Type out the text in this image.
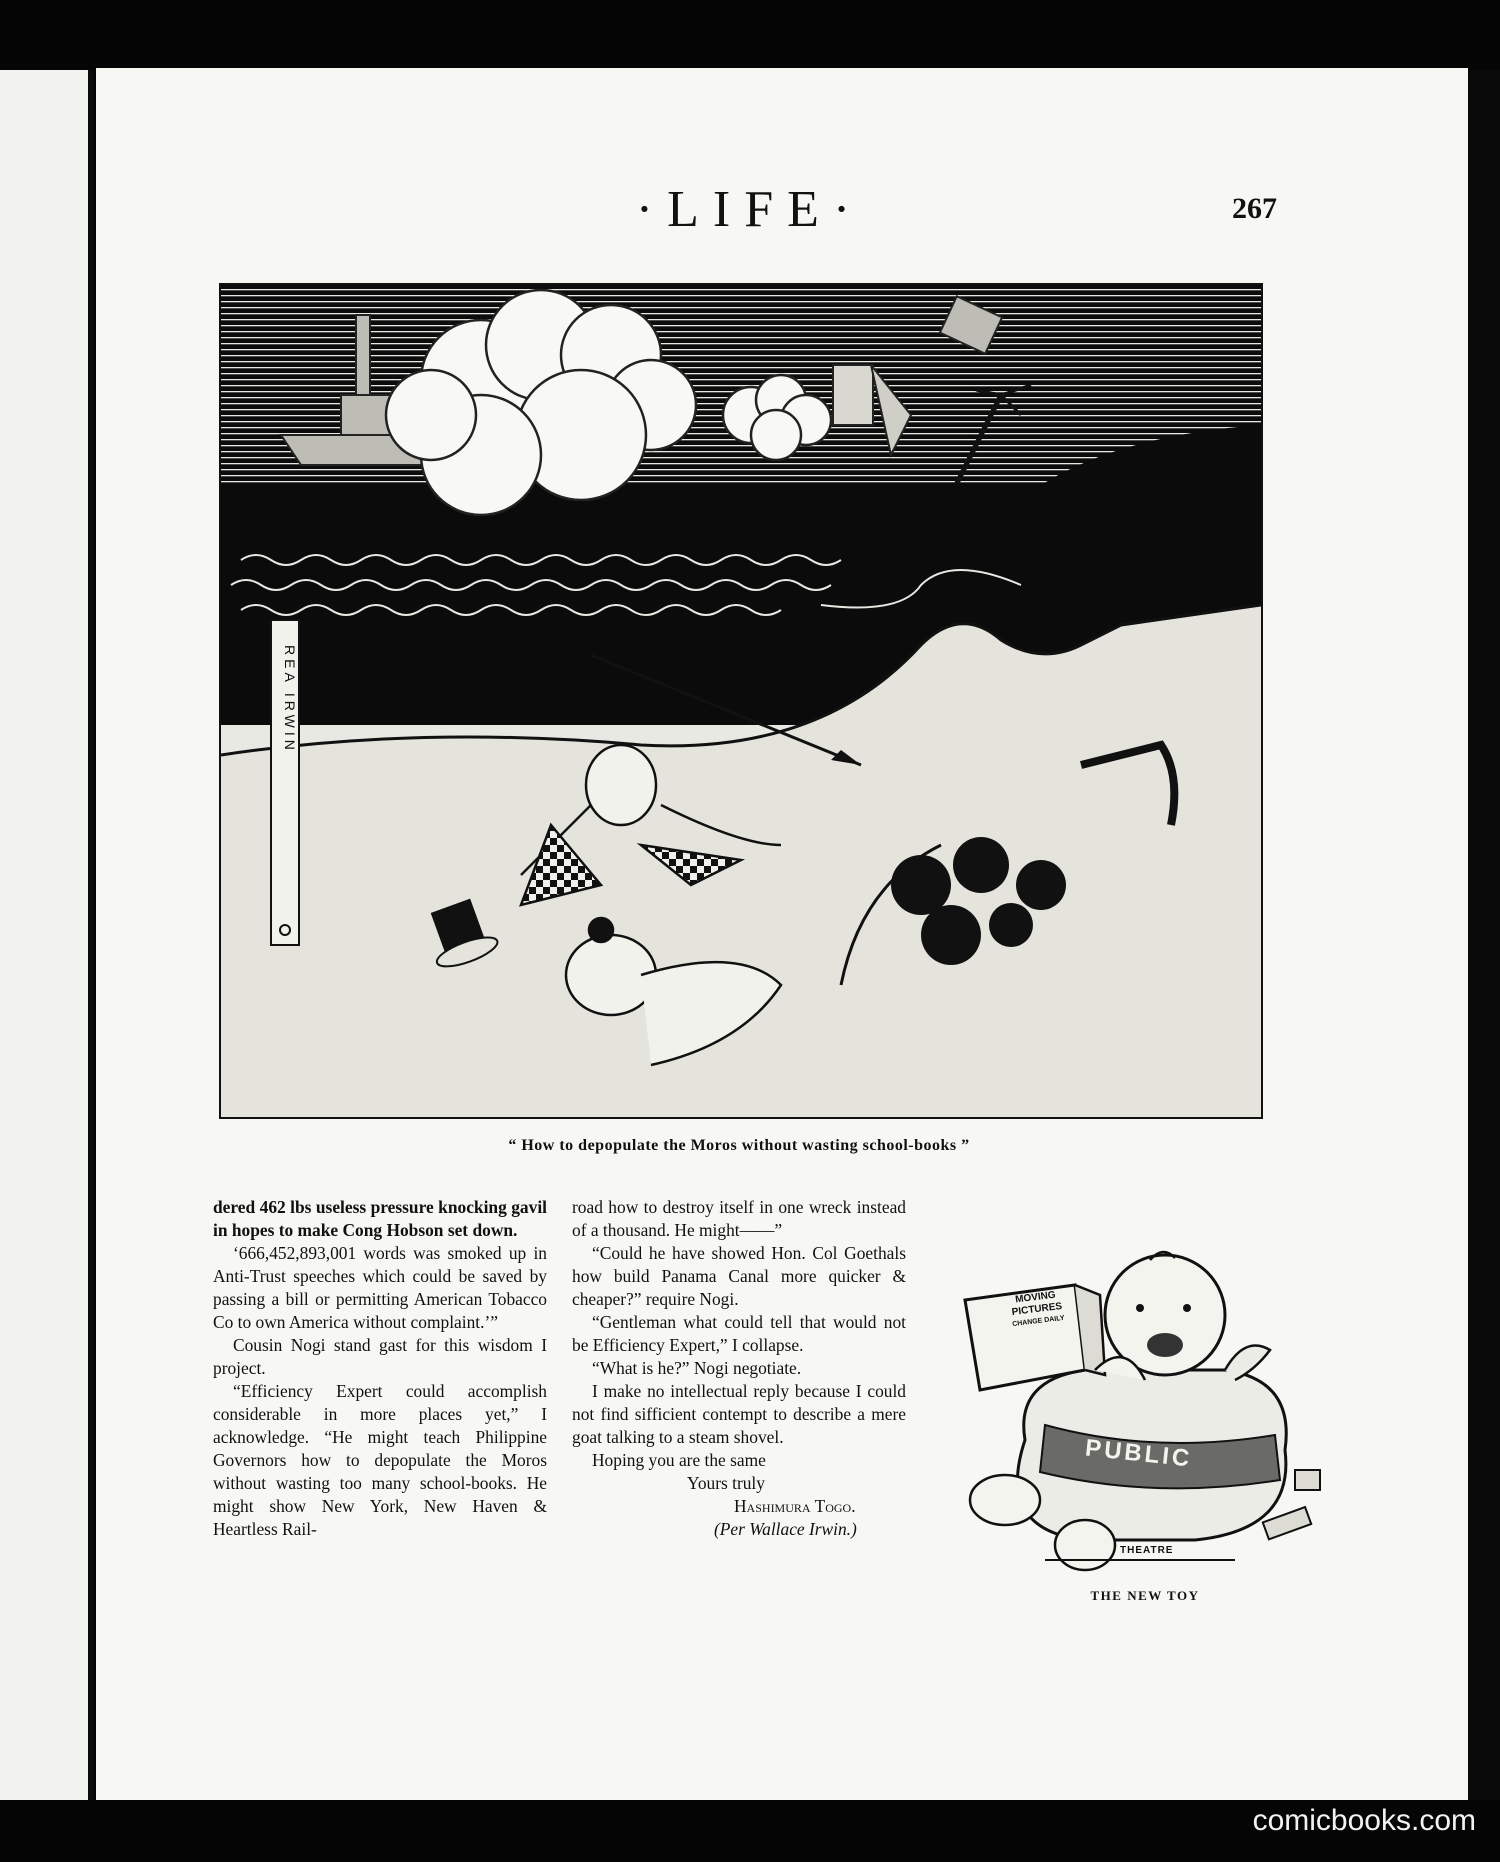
·LIFE·	267
REA IRWIN
“ How to depopulate the Moros without wasting school-books ”

dered 462 lbs useless pressure knocking gavil in hopes to make Cong Hobson set down.

‘666,452,893,001 words was smoked up in Anti-Trust speeches which could be saved by passing a bill or permitting American Tobacco Co to own America without complaint.’”

Cousin Nogi stand gast for this wisdom I project.

“Efficiency Expert could accomplish considerable in more places yet,” I acknowledge. “He might teach Philippine Governors how to depopulate the Moros without wasting too many school-books. He might show New York, New Haven & Heartless Rail-

road how to destroy itself in one wreck instead of a thousand. He might——”

“Could he have showed Hon. Col Goethals how build Panama Canal more quicker & cheaper?” require Nogi.

“Gentleman what could tell that would not be Efficiency Expert,” I collapse.

“What is he?” Nogi negotiate.

I make no intellectual reply because I could not find sifficient contempt to describe a mere goat talking to a steam shovel.

Hoping you are the same

Yours truly

Hashimura Togo.

(Per Wallace Irwin.)

MOVING
PICTURES
CHANGE DAILY
PUBLIC
THEATRE
THE NEW TOY
comicbooks.com
